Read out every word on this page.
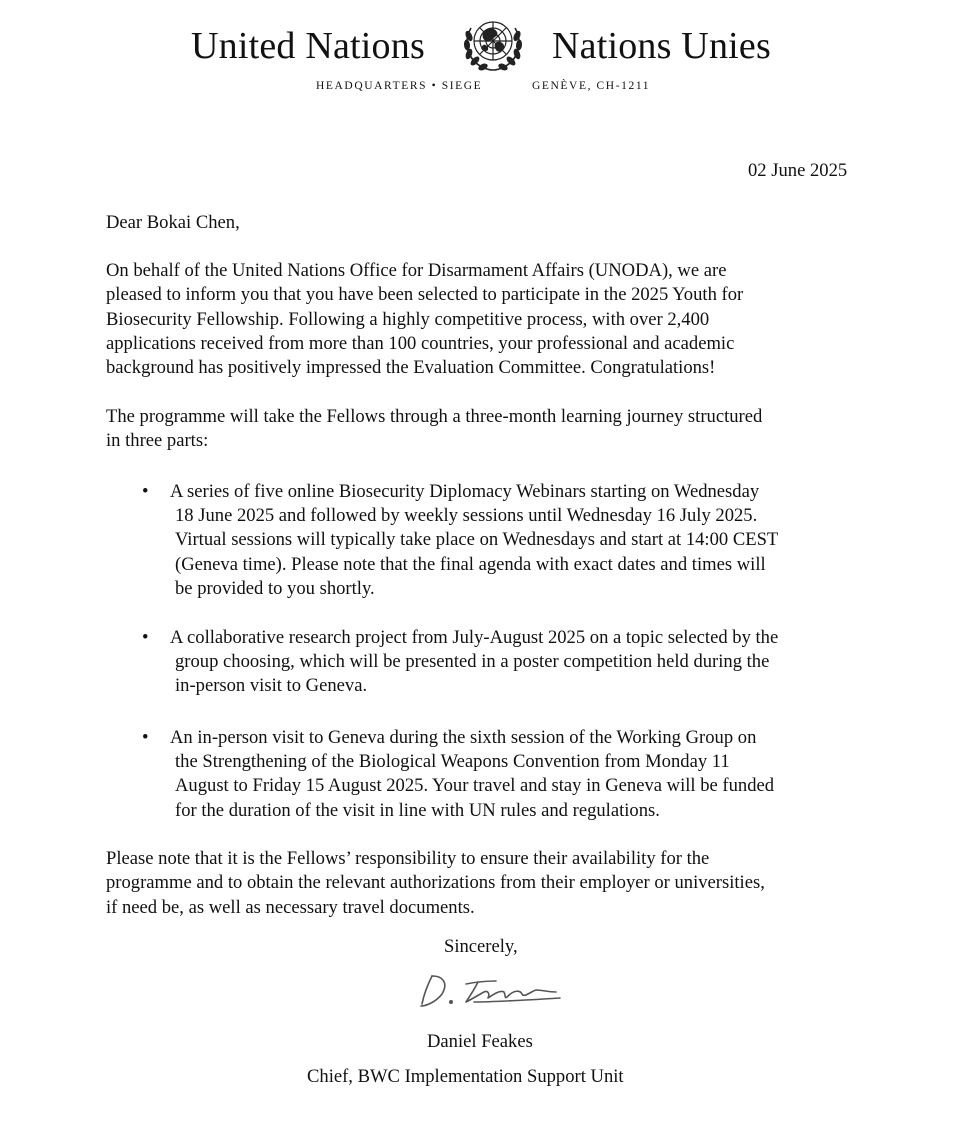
United Nations	Nations Unies
HEADQUARTERS • SIEGE	GENÈVE, CH-1211
02 June 2025
Dear Bokai Chen,
On behalf of the United Nations Office for Disarmament Affairs (UNODA), we are
pleased to inform you that you have been selected to participate in the 2025 Youth for
Biosecurity Fellowship. Following a highly competitive process, with over 2,400
applications received from more than 100 countries, your professional and academic
background has positively impressed the Evaluation Committee. Congratulations!
The programme will take the Fellows through a three-month learning journey structured
in three parts:
• A series of five online Biosecurity Diplomacy Webinars starting on Wednesday
18 June 2025 and followed by weekly sessions until Wednesday 16 July 2025.
Virtual sessions will typically take place on Wednesdays and start at 14:00 CEST
(Geneva time). Please note that the final agenda with exact dates and times will
be provided to you shortly.
• A collaborative research project from July-August 2025 on a topic selected by the
group choosing, which will be presented in a poster competition held during the
in-person visit to Geneva.
• An in-person visit to Geneva during the sixth session of the Working Group on
the Strengthening of the Biological Weapons Convention from Monday 11
August to Friday 15 August 2025. Your travel and stay in Geneva will be funded
for the duration of the visit in line with UN rules and regulations.
Please note that it is the Fellows’ responsibility to ensure their availability for the
programme and to obtain the relevant authorizations from their employer or universities,
if need be, as well as necessary travel documents.
Sincerely,
Daniel Feakes
Chief, BWC Implementation Support Unit
